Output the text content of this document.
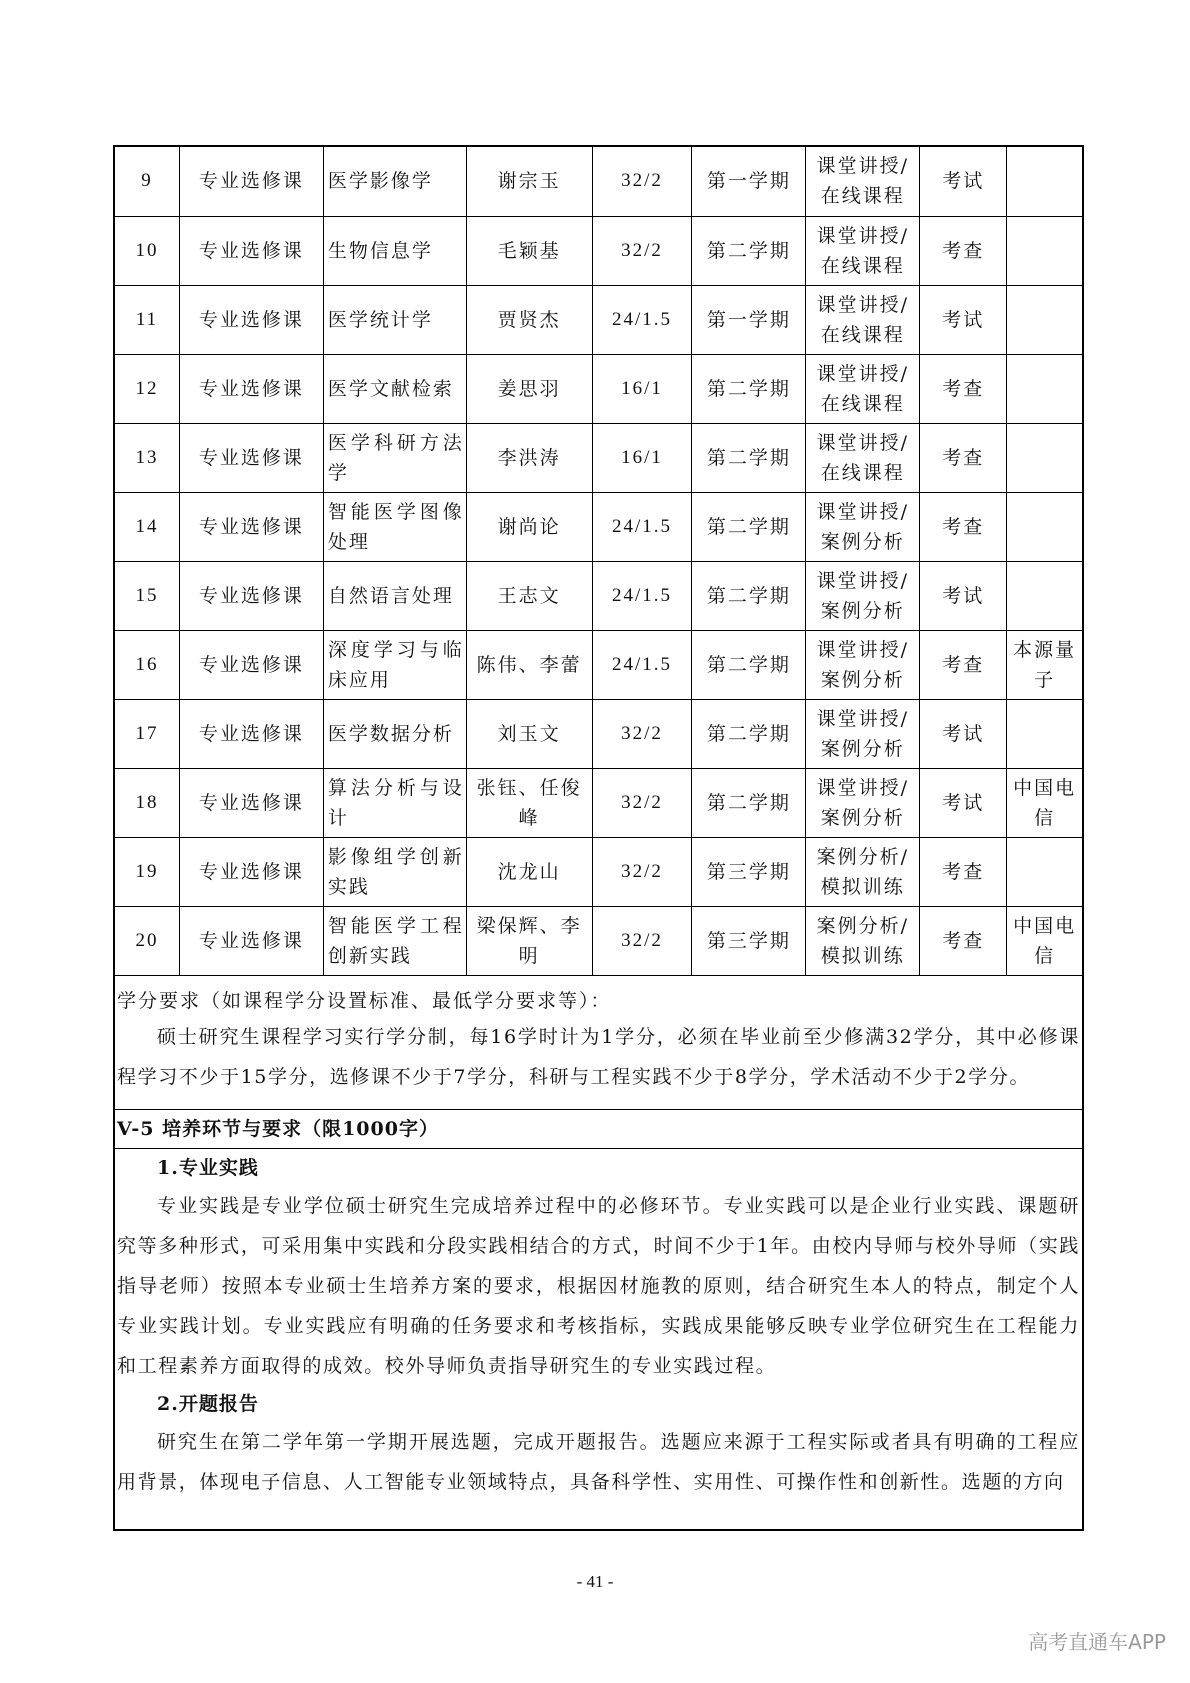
9	专业选修课	医学影像学	谢宗玉	32/2	第一学期	课堂讲授/在线课程	考试	
10	专业选修课	生物信息学	毛颖基	32/2	第二学期	课堂讲授/在线课程	考查	
11	专业选修课	医学统计学	贾贤杰	24/1.5	第一学期	课堂讲授/在线课程	考试	
12	专业选修课	医学文献检索	姜思羽	16/1	第二学期	课堂讲授/在线课程	考查	
13	专业选修课	医学科研方法学	李洪涛	16/1	第二学期	课堂讲授/在线课程	考查	
14	专业选修课	智能医学图像处理	谢尚论	24/1.5	第二学期	课堂讲授/案例分析	考查	
15	专业选修课	自然语言处理	王志文	24/1.5	第二学期	课堂讲授/案例分析	考试	
16	专业选修课	深度学习与临床应用	陈伟、李蕾	24/1.5	第二学期	课堂讲授/案例分析	考查	本源量子
17	专业选修课	医学数据分析	刘玉文	32/2	第二学期	课堂讲授/案例分析	考试	
18	专业选修课	算法分析与设计	张钰、任俊峰	32/2	第二学期	课堂讲授/案例分析	考试	中国电信
19	专业选修课	影像组学创新实践	沈龙山	32/2	第三学期	案例分析/模拟训练	考查	
20	专业选修课	智能医学工程创新实践	梁保辉、李明	32/2	第三学期	案例分析/模拟训练	考查	中国电信

学分要求（如课程学分设置标准、最低学分要求等）：

硕士研究生课程学习实行学分制，每16学时计为1学分，必须在毕业前至少修满32学分，其中必修课程学习不少于15学分，选修课不少于7学分，科研与工程实践不少于8学分，学术活动不少于2学分。

V-5 培养环节与要求（限1000字）

1.专业实践

专业实践是专业学位硕士研究生完成培养过程中的必修环节。专业实践可以是企业行业实践、课题研究等多种形式，可采用集中实践和分段实践相结合的方式，时间不少于1年。由校内导师与校外导师（实践指导老师）按照本专业硕士生培养方案的要求，根据因材施教的原则，结合研究生本人的特点，制定个人专业实践计划。专业实践应有明确的任务要求和考核指标，实践成果能够反映专业学位研究生在工程能力和工程素养方面取得的成效。校外导师负责指导研究生的专业实践过程。

2.开题报告

研究生在第二学年第一学期开展选题，完成开题报告。选题应来源于工程实际或者具有明确的工程应用背景，体现电子信息、人工智能专业领域特点，具备科学性、实用性、可操作性和创新性。选题的方向

- 41 -
高考直通车APP
